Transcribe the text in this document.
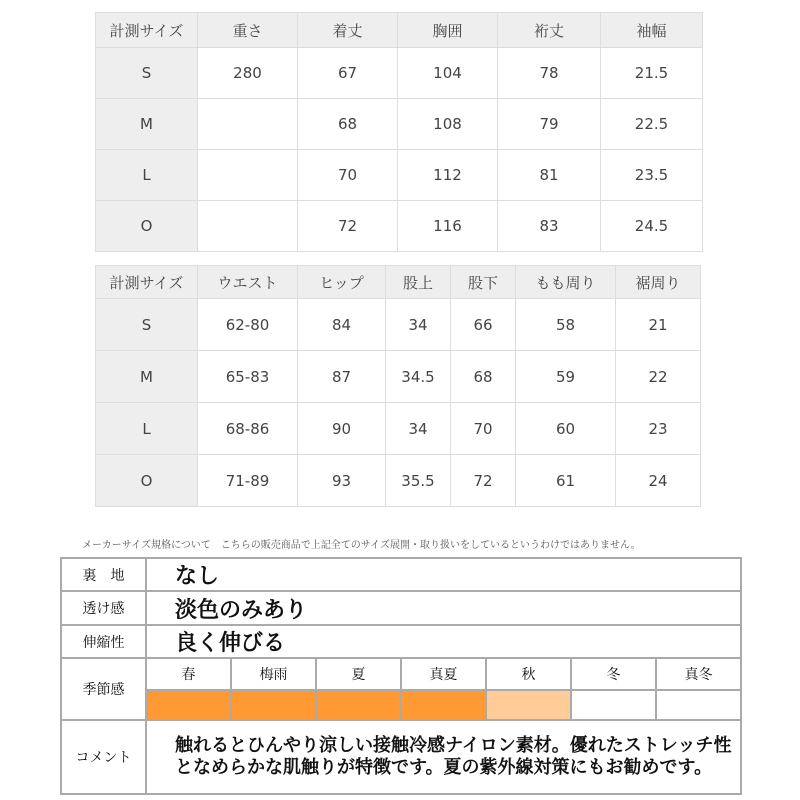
計測サイズ	重さ	着丈	胸囲	裄丈	袖幅
S	280	67	104	78	21.5
M		68	108	79	22.5
L		70	112	81	23.5
O		72	116	83	24.5
計測サイズ	ウエスト	ヒップ	股上	股下	もも周り	裾周り
S	62-80	84	34	66	58	21
M	65-83	87	34.5	68	59	22
L	68-86	90	34	70	60	23
O	71-89	93	35.5	72	61	24
メーカーサイズ規格について　こちらの販売商品で上記全てのサイズ展開・取り扱いをしているというわけではありません。
裏　地	なし						
透け感	淡色のみあり						
伸縮性	良く伸びる						
季節感	春	梅雨	夏	真夏	秋	冬	真冬

コメント	触れるとひんやり涼しい接触冷感ナイロン素材。優れたストレッチ性となめらかな肌触りが特徴です。夏の紫外線対策にもお勧めです。						
